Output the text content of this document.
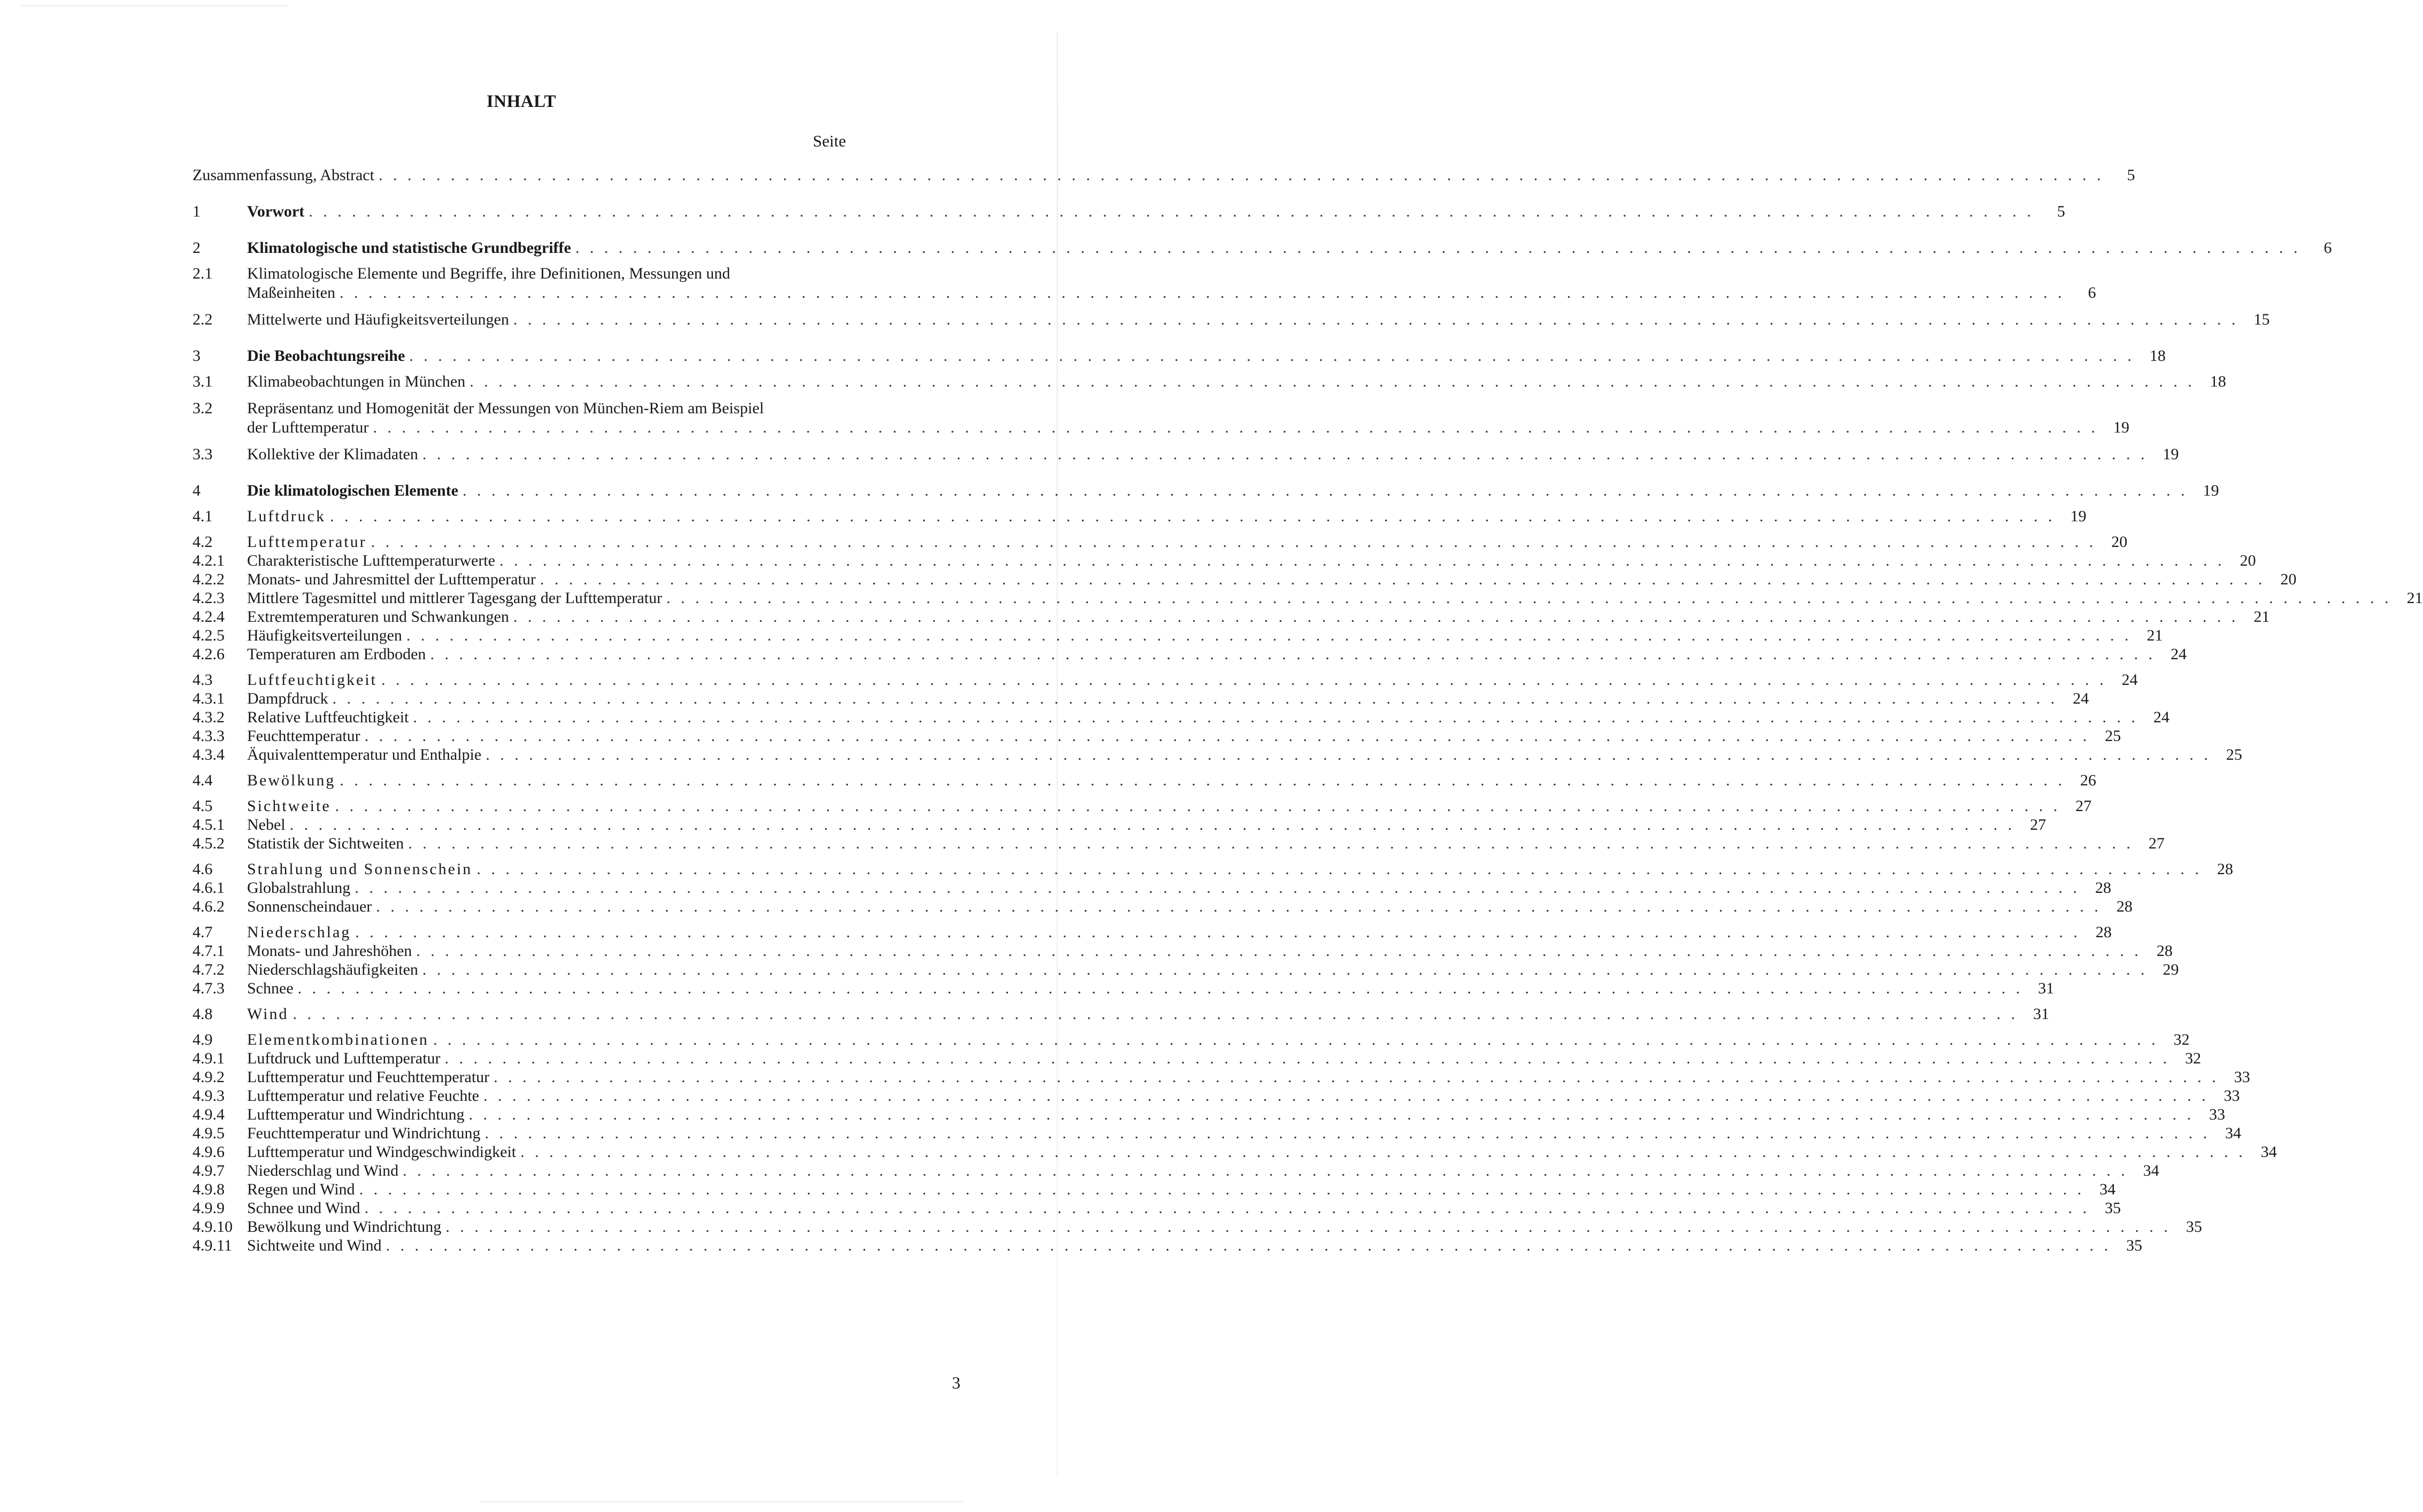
INHALT
Seite
Zusammenfassung, Abstract . . . . . . . . . . . . . . . . . . . . . . . . . . . . . . . . . . . . . . . . . . . . . . . . . . . . . . . . . . . . . . . . . . . . . . . . . . . . . . . . . . . . . . . . . . . . . . . . . . . . . . . . . . . . . . . . . . . . . . . .	5
1	Vorwort . . . . . . . . . . . . . . . . . . . . . . . . . . . . . . . . . . . . . . . . . . . . . . . . . . . . . . . . . . . . . . . . . . . . . . . . . . . . . . . . . . . . . . . . . . . . . . . . . . . . . . . . . . . . . . . . . . . . . . . .	5
2	Klimatologische und statistische Grundbegriffe . . . . . . . . . . . . . . . . . . . . . . . . . . . . . . . . . . . . . . . . . . . . . . . . . . . . . . . . . . . . . . . . . . . . . . . . . . . . . . . . . . . . . . . . . . . . . . . . . . . . . . . . . . . . . . . . . . . . . . . .	6
2.1 Klimatologische Elemente und Begriffe, ihre Definitionen, Messungen und
Maßeinheiten . . . . . . . . . . . . . . . . . . . . . . . . . . . . . . . . . . . . . . . . . . . . . . . . . . . . . . . . . . . . . . . . . . . . . . . . . . . . . . . . . . . . . . . . . . . . . . . . . . . . . . . . . . . . . . . . . . . . . . . .	6
2.2 Mittelwerte und Häufigkeitsverteilungen . . . . . . . . . . . . . . . . . . . . . . . . . . . . . . . . . . . . . . . . . . . . . . . . . . . . . . . . . . . . . . . . . . . . . . . . . . . . . . . . . . . . . . . . . . . . . . . . . . . . . . . . . . . . . . . . . . . . . . . . 15
3	Die Beobachtungsreihe . . . . . . . . . . . . . . . . . . . . . . . . . . . . . . . . . . . . . . . . . . . . . . . . . . . . . . . . . . . . . . . . . . . . . . . . . . . . . . . . . . . . . . . . . . . . . . . . . . . . . . . . . . . . . . . . . . . . . . . . 18
3.1 Klimabeobachtungen in München . . . . . . . . . . . . . . . . . . . . . . . . . . . . . . . . . . . . . . . . . . . . . . . . . . . . . . . . . . . . . . . . . . . . . . . . . . . . . . . . . . . . . . . . . . . . . . . . . . . . . . . . . . . . . . . . . . . . . . . . 18
3.2 Repräsentanz und Homogenität der Messungen von München-Riem am Beispiel
der Lufttemperatur . . . . . . . . . . . . . . . . . . . . . . . . . . . . . . . . . . . . . . . . . . . . . . . . . . . . . . . . . . . . . . . . . . . . . . . . . . . . . . . . . . . . . . . . . . . . . . . . . . . . . . . . . . . . . . . . . . . . . . . . 19
3.3 Kollektive der Klimadaten . . . . . . . . . . . . . . . . . . . . . . . . . . . . . . . . . . . . . . . . . . . . . . . . . . . . . . . . . . . . . . . . . . . . . . . . . . . . . . . . . . . . . . . . . . . . . . . . . . . . . . . . . . . . . . . . . . . . . . . . 19
4	Die klimatologischen Elemente . . . . . . . . . . . . . . . . . . . . . . . . . . . . . . . . . . . . . . . . . . . . . . . . . . . . . . . . . . . . . . . . . . . . . . . . . . . . . . . . . . . . . . . . . . . . . . . . . . . . . . . . . . . . . . . . . . . . . . . . 19
4.1 Luftdruck . . . . . . . . . . . . . . . . . . . . . . . . . . . . . . . . . . . . . . . . . . . . . . . . . . . . . . . . . . . . . . . . . . . . . . . . . . . . . . . . . . . . . . . . . . . . . . . . . . . . . . . . . . . . . . . . . . . . . . . . 19
4.2 Lufttemperatur . . . . . . . . . . . . . . . . . . . . . . . . . . . . . . . . . . . . . . . . . . . . . . . . . . . . . . . . . . . . . . . . . . . . . . . . . . . . . . . . . . . . . . . . . . . . . . . . . . . . . . . . . . . . . . . . . . . . . . . . 20
4.2.1 Charakteristische Lufttemperaturwerte . . . . . . . . . . . . . . . . . . . . . . . . . . . . . . . . . . . . . . . . . . . . . . . . . . . . . . . . . . . . . . . . . . . . . . . . . . . . . . . . . . . . . . . . . . . . . . . . . . . . . . . . . . . . . . . . . . . . . . . . 20
4.2.2 Monats- und Jahresmittel der Lufttemperatur . . . . . . . . . . . . . . . . . . . . . . . . . . . . . . . . . . . . . . . . . . . . . . . . . . . . . . . . . . . . . . . . . . . . . . . . . . . . . . . . . . . . . . . . . . . . . . . . . . . . . . . . . . . . . . . . . . . . . . . . 20
4.2.3 Mittlere Tagesmittel und mittlerer Tagesgang der Lufttemperatur . . . . . . . . . . . . . . . . . . . . . . . . . . . . . . . . . . . . . . . . . . . . . . . . . . . . . . . . . . . . . . . . . . . . . . . . . . . . . . . . . . . . . . . . . . . . . . . . . . . . . . . . . . . . . . . . . . . . . . . . 21
4.2.4 Extremtemperaturen und Schwankungen . . . . . . . . . . . . . . . . . . . . . . . . . . . . . . . . . . . . . . . . . . . . . . . . . . . . . . . . . . . . . . . . . . . . . . . . . . . . . . . . . . . . . . . . . . . . . . . . . . . . . . . . . . . . . . . . . . . . . . . . 21
4.2.5 Häufigkeitsverteilungen . . . . . . . . . . . . . . . . . . . . . . . . . . . . . . . . . . . . . . . . . . . . . . . . . . . . . . . . . . . . . . . . . . . . . . . . . . . . . . . . . . . . . . . . . . . . . . . . . . . . . . . . . . . . . . . . . . . . . . . . 21
4.2.6 Temperaturen am Erdboden . . . . . . . . . . . . . . . . . . . . . . . . . . . . . . . . . . . . . . . . . . . . . . . . . . . . . . . . . . . . . . . . . . . . . . . . . . . . . . . . . . . . . . . . . . . . . . . . . . . . . . . . . . . . . . . . . . . . . . . . 24
4.3 Luftfeuchtigkeit . . . . . . . . . . . . . . . . . . . . . . . . . . . . . . . . . . . . . . . . . . . . . . . . . . . . . . . . . . . . . . . . . . . . . . . . . . . . . . . . . . . . . . . . . . . . . . . . . . . . . . . . . . . . . . . . . . . . . . . . 24
4.3.1 Dampfdruck . . . . . . . . . . . . . . . . . . . . . . . . . . . . . . . . . . . . . . . . . . . . . . . . . . . . . . . . . . . . . . . . . . . . . . . . . . . . . . . . . . . . . . . . . . . . . . . . . . . . . . . . . . . . . . . . . . . . . . . . 24
4.3.2 Relative Luftfeuchtigkeit . . . . . . . . . . . . . . . . . . . . . . . . . . . . . . . . . . . . . . . . . . . . . . . . . . . . . . . . . . . . . . . . . . . . . . . . . . . . . . . . . . . . . . . . . . . . . . . . . . . . . . . . . . . . . . . . . . . . . . . . 24
4.3.3 Feuchttemperatur . . . . . . . . . . . . . . . . . . . . . . . . . . . . . . . . . . . . . . . . . . . . . . . . . . . . . . . . . . . . . . . . . . . . . . . . . . . . . . . . . . . . . . . . . . . . . . . . . . . . . . . . . . . . . . . . . . . . . . . . 25
4.3.4 Äquivalenttemperatur und Enthalpie . . . . . . . . . . . . . . . . . . . . . . . . . . . . . . . . . . . . . . . . . . . . . . . . . . . . . . . . . . . . . . . . . . . . . . . . . . . . . . . . . . . . . . . . . . . . . . . . . . . . . . . . . . . . . . . . . . . . . . . . 25
4.4 Bewölkung . . . . . . . . . . . . . . . . . . . . . . . . . . . . . . . . . . . . . . . . . . . . . . . . . . . . . . . . . . . . . . . . . . . . . . . . . . . . . . . . . . . . . . . . . . . . . . . . . . . . . . . . . . . . . . . . . . . . . . . . 26
4.5 Sichtweite . . . . . . . . . . . . . . . . . . . . . . . . . . . . . . . . . . . . . . . . . . . . . . . . . . . . . . . . . . . . . . . . . . . . . . . . . . . . . . . . . . . . . . . . . . . . . . . . . . . . . . . . . . . . . . . . . . . . . . . . 27
4.5.1 Nebel . . . . . . . . . . . . . . . . . . . . . . . . . . . . . . . . . . . . . . . . . . . . . . . . . . . . . . . . . . . . . . . . . . . . . . . . . . . . . . . . . . . . . . . . . . . . . . . . . . . . . . . . . . . . . . . . . . . . . . . . 27
4.5.2 Statistik der Sichtweiten . . . . . . . . . . . . . . . . . . . . . . . . . . . . . . . . . . . . . . . . . . . . . . . . . . . . . . . . . . . . . . . . . . . . . . . . . . . . . . . . . . . . . . . . . . . . . . . . . . . . . . . . . . . . . . . . . . . . . . . . 27
4.6 Strahlung und Sonnenschein . . . . . . . . . . . . . . . . . . . . . . . . . . . . . . . . . . . . . . . . . . . . . . . . . . . . . . . . . . . . . . . . . . . . . . . . . . . . . . . . . . . . . . . . . . . . . . . . . . . . . . . . . . . . . . . . . . . . . . . . 28
4.6.1 Globalstrahlung . . . . . . . . . . . . . . . . . . . . . . . . . . . . . . . . . . . . . . . . . . . . . . . . . . . . . . . . . . . . . . . . . . . . . . . . . . . . . . . . . . . . . . . . . . . . . . . . . . . . . . . . . . . . . . . . . . . . . . . . 28
4.6.2 Sonnenscheindauer . . . . . . . . . . . . . . . . . . . . . . . . . . . . . . . . . . . . . . . . . . . . . . . . . . . . . . . . . . . . . . . . . . . . . . . . . . . . . . . . . . . . . . . . . . . . . . . . . . . . . . . . . . . . . . . . . . . . . . . . 28
4.7 Niederschlag . . . . . . . . . . . . . . . . . . . . . . . . . . . . . . . . . . . . . . . . . . . . . . . . . . . . . . . . . . . . . . . . . . . . . . . . . . . . . . . . . . . . . . . . . . . . . . . . . . . . . . . . . . . . . . . . . . . . . . . . 28
4.7.1 Monats- und Jahreshöhen . . . . . . . . . . . . . . . . . . . . . . . . . . . . . . . . . . . . . . . . . . . . . . . . . . . . . . . . . . . . . . . . . . . . . . . . . . . . . . . . . . . . . . . . . . . . . . . . . . . . . . . . . . . . . . . . . . . . . . . . 28
4.7.2 Niederschlagshäufigkeiten . . . . . . . . . . . . . . . . . . . . . . . . . . . . . . . . . . . . . . . . . . . . . . . . . . . . . . . . . . . . . . . . . . . . . . . . . . . . . . . . . . . . . . . . . . . . . . . . . . . . . . . . . . . . . . . . . . . . . . . . 29
4.7.3 Schnee . . . . . . . . . . . . . . . . . . . . . . . . . . . . . . . . . . . . . . . . . . . . . . . . . . . . . . . . . . . . . . . . . . . . . . . . . . . . . . . . . . . . . . . . . . . . . . . . . . . . . . . . . . . . . . . . . . . . . . . . 31
4.8 Wind . . . . . . . . . . . . . . . . . . . . . . . . . . . . . . . . . . . . . . . . . . . . . . . . . . . . . . . . . . . . . . . . . . . . . . . . . . . . . . . . . . . . . . . . . . . . . . . . . . . . . . . . . . . . . . . . . . . . . . . . 31
4.9 Elementkombinationen . . . . . . . . . . . . . . . . . . . . . . . . . . . . . . . . . . . . . . . . . . . . . . . . . . . . . . . . . . . . . . . . . . . . . . . . . . . . . . . . . . . . . . . . . . . . . . . . . . . . . . . . . . . . . . . . . . . . . . . . 32
4.9.1 Luftdruck und Lufttemperatur . . . . . . . . . . . . . . . . . . . . . . . . . . . . . . . . . . . . . . . . . . . . . . . . . . . . . . . . . . . . . . . . . . . . . . . . . . . . . . . . . . . . . . . . . . . . . . . . . . . . . . . . . . . . . . . . . . . . . . . . 32
4.9.2 Lufttemperatur und Feuchttemperatur . . . . . . . . . . . . . . . . . . . . . . . . . . . . . . . . . . . . . . . . . . . . . . . . . . . . . . . . . . . . . . . . . . . . . . . . . . . . . . . . . . . . . . . . . . . . . . . . . . . . . . . . . . . . . . . . . . . . . . . . 33
4.9.3 Lufttemperatur und relative Feuchte . . . . . . . . . . . . . . . . . . . . . . . . . . . . . . . . . . . . . . . . . . . . . . . . . . . . . . . . . . . . . . . . . . . . . . . . . . . . . . . . . . . . . . . . . . . . . . . . . . . . . . . . . . . . . . . . . . . . . . . . 33
4.9.4 Lufttemperatur und Windrichtung . . . . . . . . . . . . . . . . . . . . . . . . . . . . . . . . . . . . . . . . . . . . . . . . . . . . . . . . . . . . . . . . . . . . . . . . . . . . . . . . . . . . . . . . . . . . . . . . . . . . . . . . . . . . . . . . . . . . . . . . 33
4.9.5 Feuchttemperatur und Windrichtung . . . . . . . . . . . . . . . . . . . . . . . . . . . . . . . . . . . . . . . . . . . . . . . . . . . . . . . . . . . . . . . . . . . . . . . . . . . . . . . . . . . . . . . . . . . . . . . . . . . . . . . . . . . . . . . . . . . . . . . . 34
4.9.6 Lufttemperatur und Windgeschwindigkeit . . . . . . . . . . . . . . . . . . . . . . . . . . . . . . . . . . . . . . . . . . . . . . . . . . . . . . . . . . . . . . . . . . . . . . . . . . . . . . . . . . . . . . . . . . . . . . . . . . . . . . . . . . . . . . . . . . . . . . . . 34
4.9.7 Niederschlag und Wind . . . . . . . . . . . . . . . . . . . . . . . . . . . . . . . . . . . . . . . . . . . . . . . . . . . . . . . . . . . . . . . . . . . . . . . . . . . . . . . . . . . . . . . . . . . . . . . . . . . . . . . . . . . . . . . . . . . . . . . . 34
4.9.8 Regen und Wind . . . . . . . . . . . . . . . . . . . . . . . . . . . . . . . . . . . . . . . . . . . . . . . . . . . . . . . . . . . . . . . . . . . . . . . . . . . . . . . . . . . . . . . . . . . . . . . . . . . . . . . . . . . . . . . . . . . . . . . . 34
4.9.9 Schnee und Wind . . . . . . . . . . . . . . . . . . . . . . . . . . . . . . . . . . . . . . . . . . . . . . . . . . . . . . . . . . . . . . . . . . . . . . . . . . . . . . . . . . . . . . . . . . . . . . . . . . . . . . . . . . . . . . . . . . . . . . . . 35
4.9.10 Bewölkung und Windrichtung . . . . . . . . . . . . . . . . . . . . . . . . . . . . . . . . . . . . . . . . . . . . . . . . . . . . . . . . . . . . . . . . . . . . . . . . . . . . . . . . . . . . . . . . . . . . . . . . . . . . . . . . . . . . . . . . . . . . . . . . 35
4.9.11 Sichtweite und Wind . . . . . . . . . . . . . . . . . . . . . . . . . . . . . . . . . . . . . . . . . . . . . . . . . . . . . . . . . . . . . . . . . . . . . . . . . . . . . . . . . . . . . . . . . . . . . . . . . . . . . . . . . . . . . . . . . . . . . . . . 35
3
